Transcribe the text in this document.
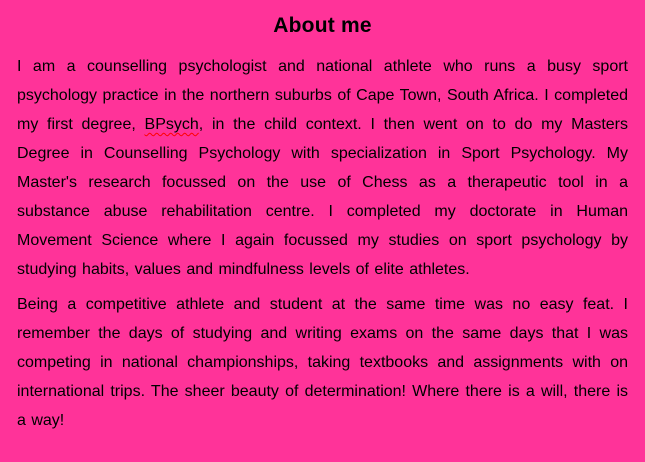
About me

I am a counselling psychologist and national athlete who runs a busy sport psychology practice in the northern suburbs of Cape Town, South Africa. I completed my first degree, BPsych, in the child context. I then went on to do my Masters Degree in Counselling Psychology with specialization in Sport Psychology. My Master's research focussed on the use of Chess as a therapeutic tool in a substance abuse rehabilitation centre. I completed my doctorate in Human Movement Science where I again focussed my studies on sport psychology by studying habits, values and mindfulness levels of elite athletes.

Being a competitive athlete and student at the same time was no easy feat. I remember the days of studying and writing exams on the same days that I was competing in national championships, taking textbooks and assignments with on international trips. The sheer beauty of determination! Where there is a will, there is a way!
